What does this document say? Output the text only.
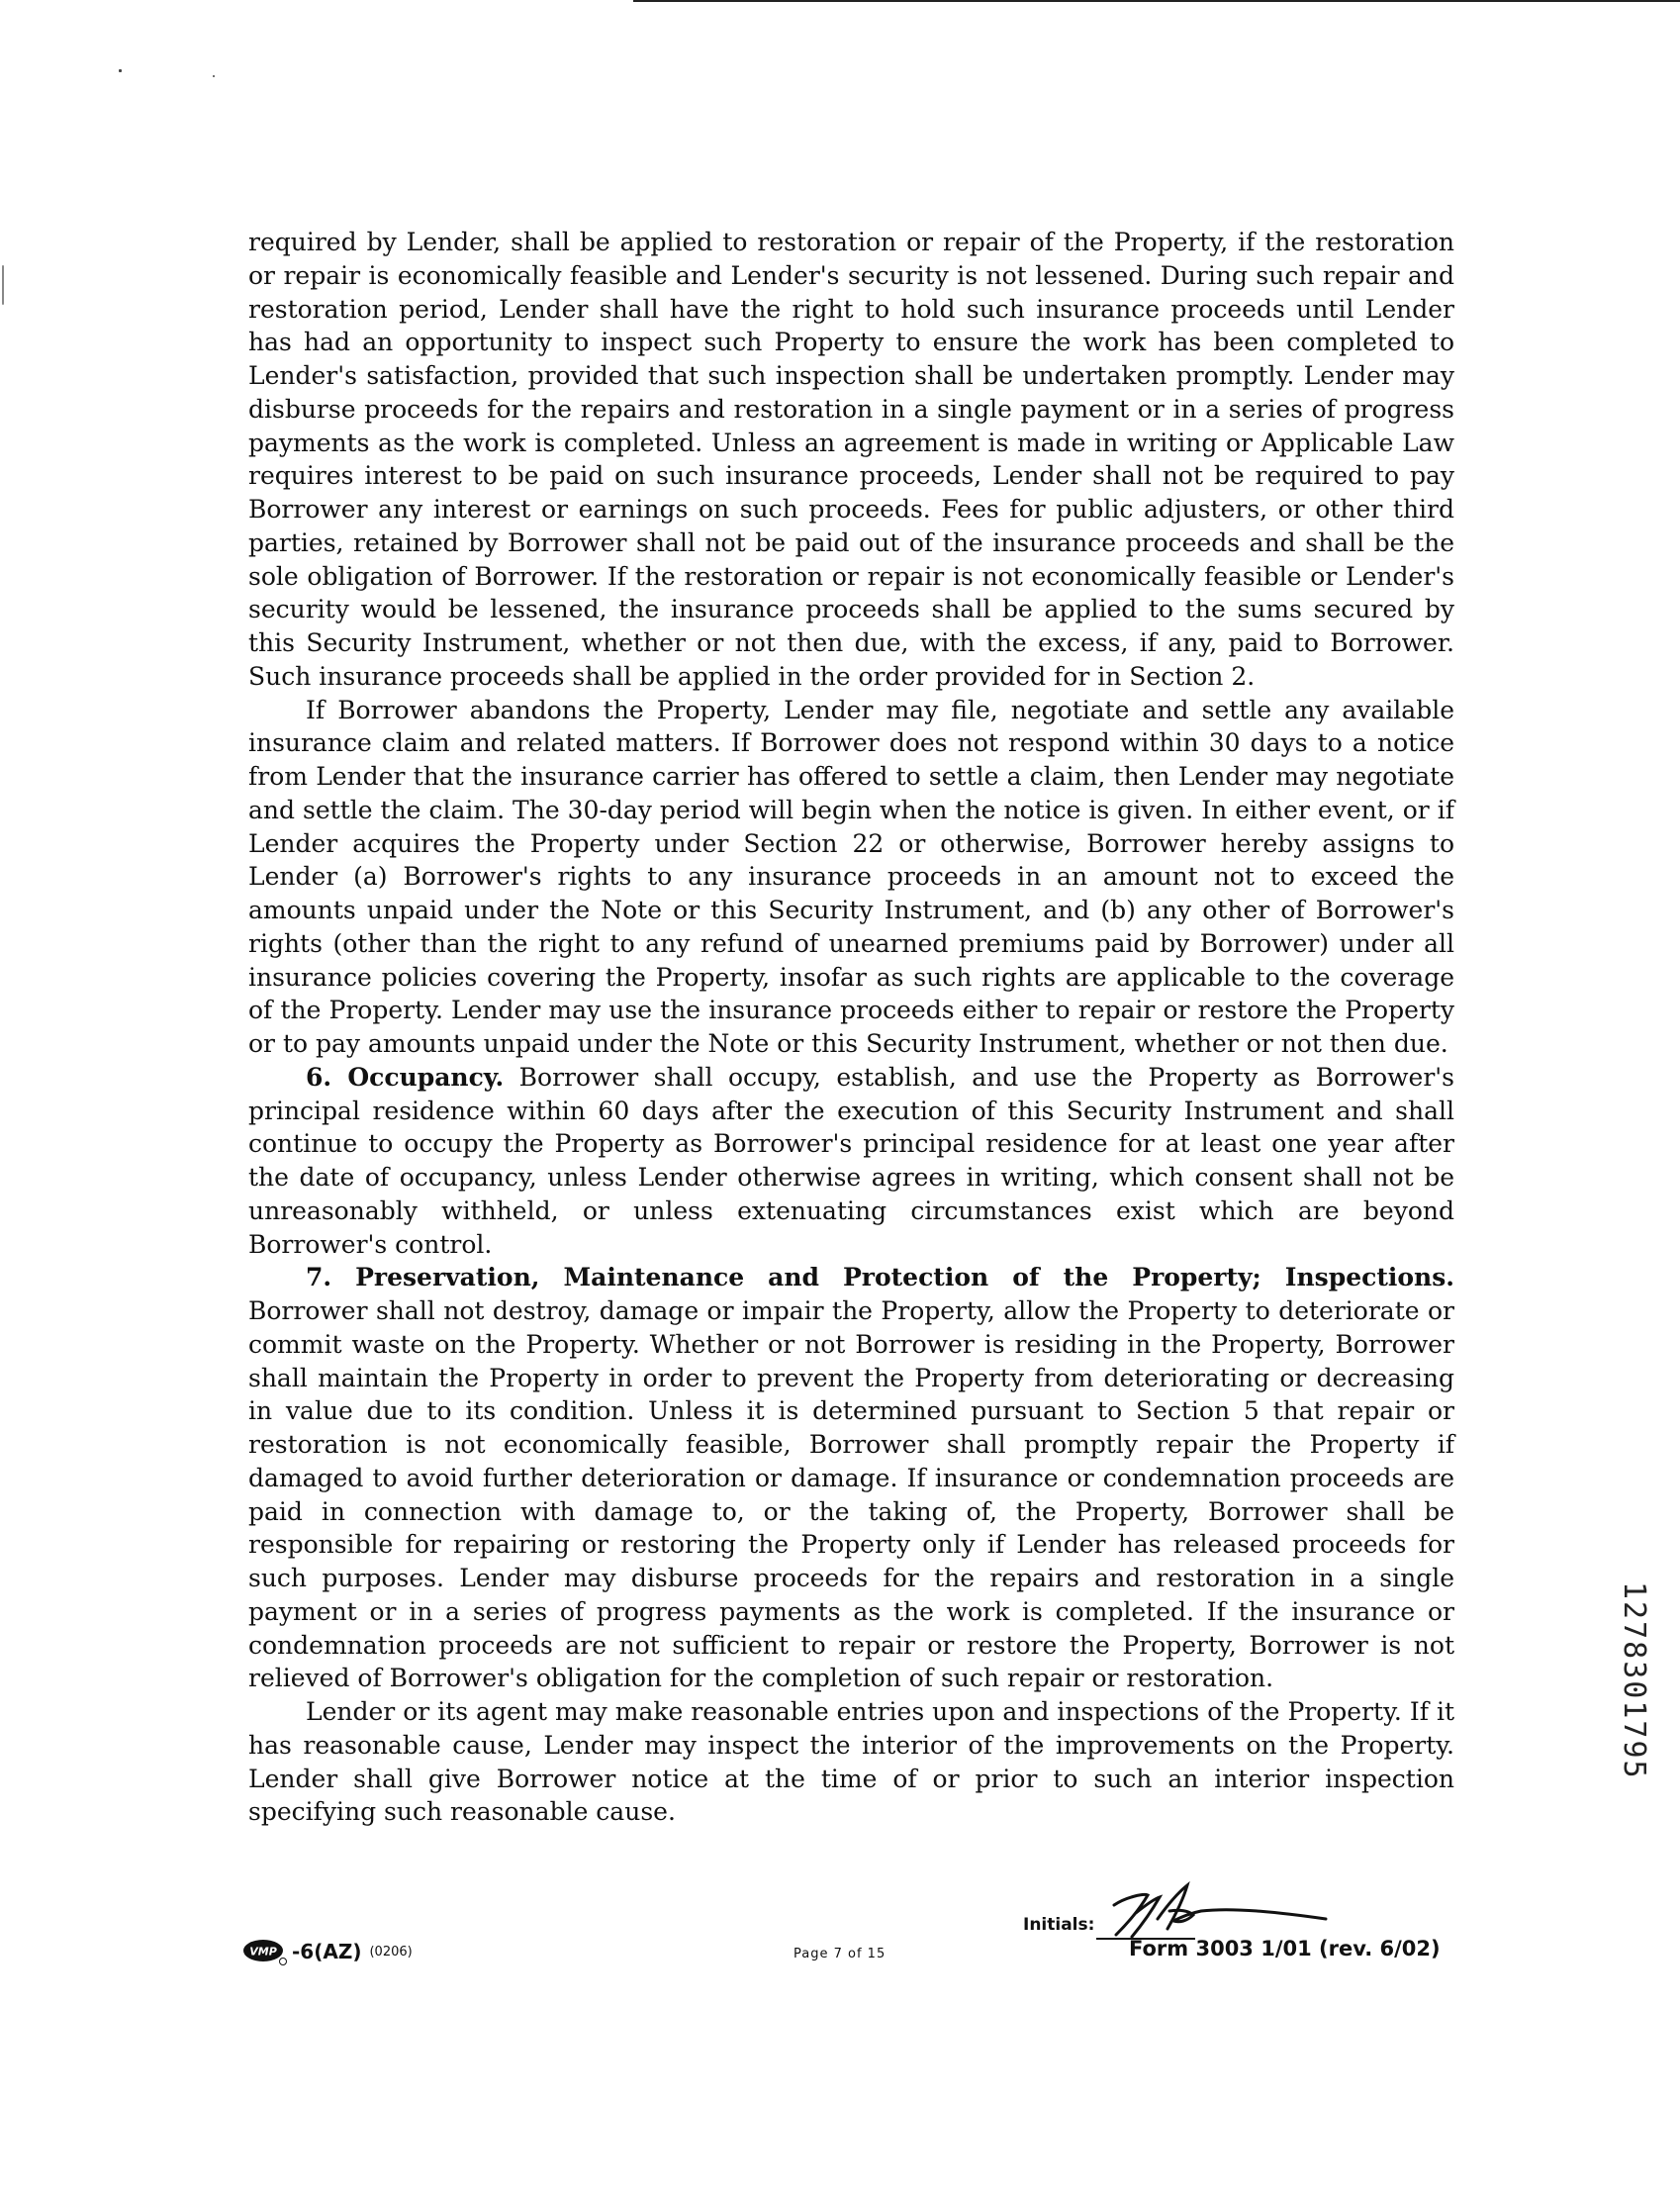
required by Lender, shall be applied to restoration or repair of the Property, if the restoration or repair is economically feasible and Lender's security is not lessened. During such repair and restoration period, Lender shall have the right to hold such insurance proceeds until Lender has had an opportunity to inspect such Property to ensure the work has been completed to Lender's satisfaction, provided that such inspection shall be undertaken promptly. Lender may disburse proceeds for the repairs and restoration in a single payment or in a series of progress payments as the work is completed. Unless an agreement is made in writing or Applicable Law requires interest to be paid on such insurance proceeds, Lender shall not be required to pay Borrower any interest or earnings on such proceeds. Fees for public adjusters, or other third parties, retained by Borrower shall not be paid out of the insurance proceeds and shall be the sole obligation of Borrower. If the restoration or repair is not economically feasible or Lender's security would be lessened, the insurance proceeds shall be applied to the sums secured by this Security Instrument, whether or not then due, with the excess, if any, paid to Borrower. Such insurance proceeds shall be applied in the order provided for in Section 2.

If Borrower abandons the Property, Lender may file, negotiate and settle any available insurance claim and related matters. If Borrower does not respond within 30 days to a notice from Lender that the insurance carrier has offered to settle a claim, then Lender may negotiate and settle the claim. The 30-day period will begin when the notice is given. In either event, or if Lender acquires the Property under Section 22 or otherwise, Borrower hereby assigns to Lender (a) Borrower's rights to any insurance proceeds in an amount not to exceed the amounts unpaid under the Note or this Security Instrument, and (b) any other of Borrower's rights (other than the right to any refund of unearned premiums paid by Borrower) under all insurance policies covering the Property, insofar as such rights are applicable to the coverage of the Property. Lender may use the insurance proceeds either to repair or restore the Property or to pay amounts unpaid under the Note or this Security Instrument, whether or not then due.

6. Occupancy. Borrower shall occupy, establish, and use the Property as Borrower's principal residence within 60 days after the execution of this Security Instrument and shall continue to occupy the Property as Borrower's principal residence for at least one year after the date of occupancy, unless Lender otherwise agrees in writing, which consent shall not be unreasonably withheld, or unless extenuating circumstances exist which are beyond Borrower's control.

7. Preservation, Maintenance and Protection of the Property; Inspections. Borrower shall not destroy, damage or impair the Property, allow the Property to deteriorate or commit waste on the Property. Whether or not Borrower is residing in the Property, Borrower shall maintain the Property in order to prevent the Property from deteriorating or decreasing in value due to its condition. Unless it is determined pursuant to Section 5 that repair or restoration is not economically feasible, Borrower shall promptly repair the Property if damaged to avoid further deterioration or damage. If insurance or condemnation proceeds are paid in connection with damage to, or the taking of, the Property, Borrower shall be responsible for repairing or restoring the Property only if Lender has released proceeds for such purposes. Lender may disburse proceeds for the repairs and restoration in a single payment or in a series of progress payments as the work is completed. If the insurance or condemnation proceeds are not sufficient to repair or restore the Property, Borrower is not relieved of Borrower's obligation for the completion of such repair or restoration.

Lender or its agent may make reasonable entries upon and inspections of the Property. If it has reasonable cause, Lender may inspect the interior of the improvements on the Property. Lender shall give Borrower notice at the time of or prior to such an interior inspection specifying such reasonable cause.

1278301795
VMP -6(AZ) (0206)	Page 7 of 15
Initials:
Form 3003 1/01 (rev. 6/02)
